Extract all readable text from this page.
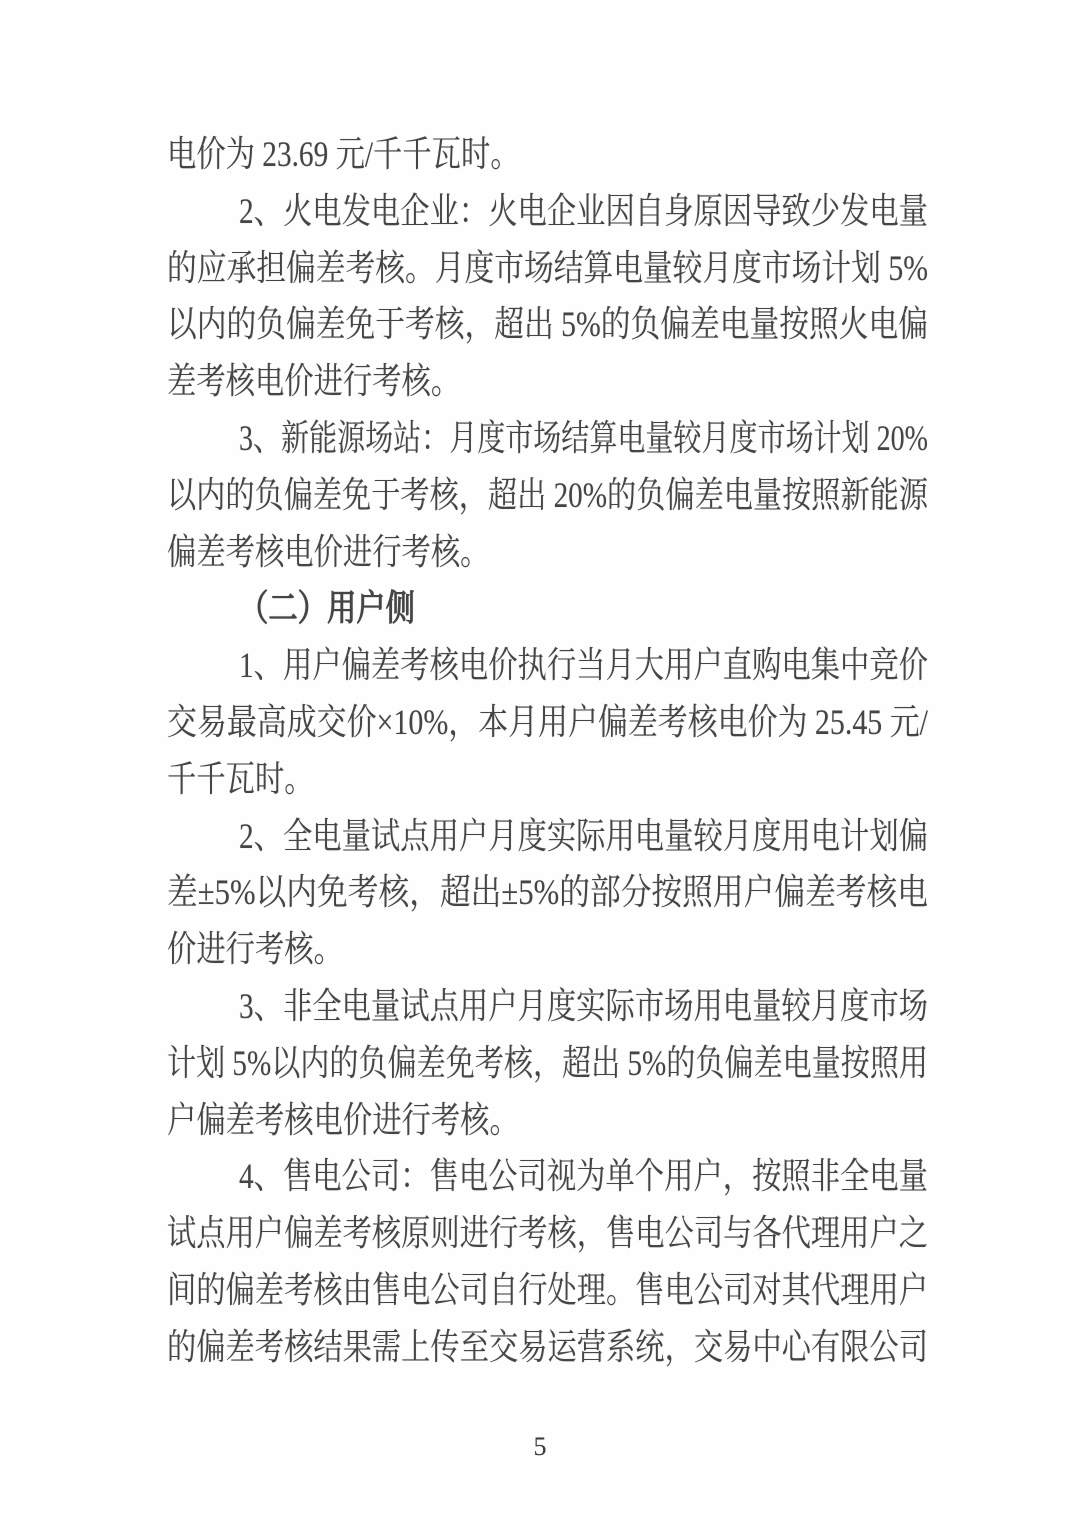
电价为 23.69 元/千千瓦时。
2、火电发电企业：火电企业因自身原因导致少发电量
的应承担偏差考核。月度市场结算电量较月度市场计划 5%
以内的负偏差免于考核，超出 5%的负偏差电量按照火电偏
差考核电价进行考核。
3、新能源场站：月度市场结算电量较月度市场计划 20%
以内的负偏差免于考核，超出 20%的负偏差电量按照新能源
偏差考核电价进行考核。
（二）用户侧
1、用户偏差考核电价执行当月大用户直购电集中竞价
交易最高成交价×10%，本月用户偏差考核电价为 25.45 元/
千千瓦时。
2、全电量试点用户月度实际用电量较月度用电计划偏
差±5%以内免考核，超出±5%的部分按照用户偏差考核电
价进行考核。
3、非全电量试点用户月度实际市场用电量较月度市场
计划 5%以内的负偏差免考核，超出 5%的负偏差电量按照用
户偏差考核电价进行考核。
4、售电公司：售电公司视为单个用户，按照非全电量
试点用户偏差考核原则进行考核，售电公司与各代理用户之
间的偏差考核由售电公司自行处理。售电公司对其代理用户
的偏差考核结果需上传至交易运营系统，交易中心有限公司
5
